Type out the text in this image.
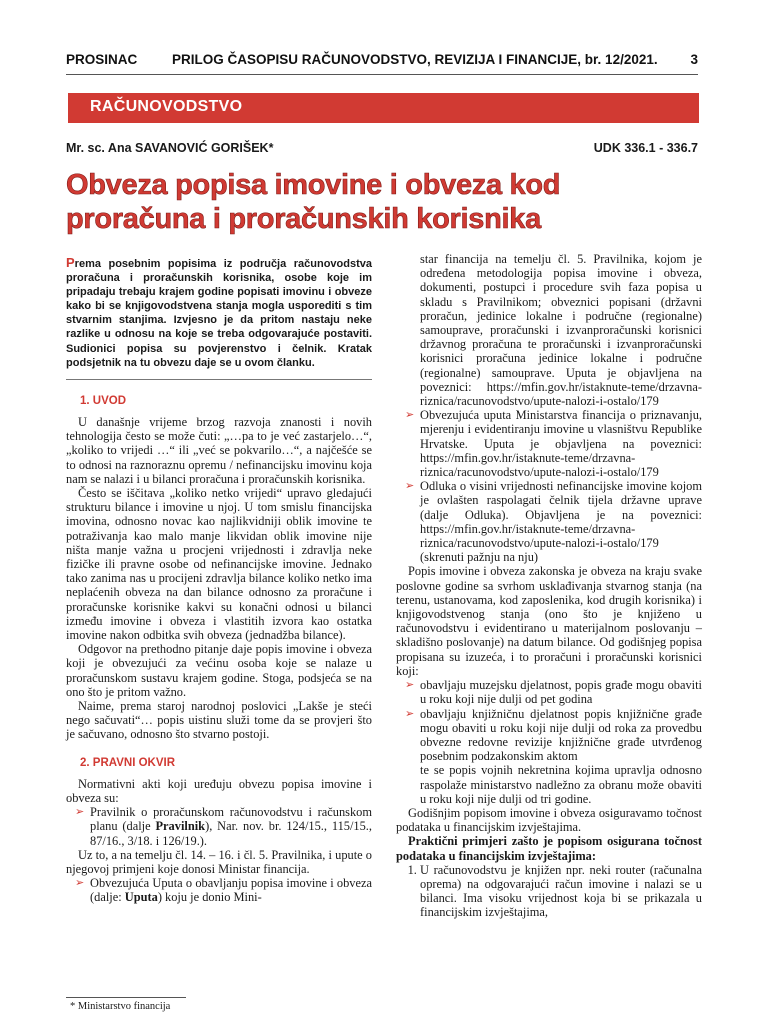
PROSINAC	PRILOG ČASOPISU RAČUNOVODSTVO, REVIZIJA I FINANCIJE, br. 12/2021. 3
RAČUNOVODSTVO
Mr. sc. Ana SAVANOVIĆ GORIŠEK*	UDK 336.1 - 336.7
Obveza popisa imovine i obveza kod proračuna i proračunskih korisnika

Prema posebnim popisima iz područja računovodstva proračuna i proračunskih korisnika, osobe koje im pripadaju trebaju krajem godine popisati imovinu i obveze kako bi se knjigovodstvena stanja mogla usporediti s tim stvarnim stanjima. Izvjesno je da pritom nastaju neke razlike u odnosu na koje se treba odgovarajuće postaviti. Sudionici popisa su povjerenstvo i čelnik. Kratak podsjetnik na tu obvezu daje se u ovom članku.

1. UVOD

U današnje vrijeme brzog razvoja znanosti i novih tehnologija često se može čuti: „…pa to je već zastarjelo…“, „koliko to vrijedi …“ ili „već se pokvarilo…“, a najčešće se to odnosi na raznoraznu opremu / nefinancijsku imovinu koja nam se nalazi i u bilanci proračuna i proračunskih korisnika.

Često se iščitava „koliko netko vrijedi“ upravo gledajući strukturu bilance i imovine u njoj. U tom smislu financijska imovina, odnosno novac kao najlikvidniji oblik imovine te potraživanja kao malo manje likvidan oblik imovine nije ništa manje važna u procjeni vrijednosti i zdravlja neke fizičke ili pravne osobe od nefinancijske imovine. Jednako tako zanima nas u procijeni zdravlja bilance koliko netko ima neplaćenih obveza na dan bilance odnosno za proračune i proračunske korisnike kakvi su konačni odnosi u bilanci između imovine i obveza i vlastitih izvora kao ostatka imovine nakon odbitka svih obveza (jednadžba bilance).

Odgovor na prethodno pitanje daje popis imovine i obveza koji je obvezujući za većinu osoba koje se nalaze u proračunskom sustavu krajem godine. Stoga, podsjeća se na ono što je pritom važno.

Naime, prema staroj narodnoj poslovici „Lakše je steći nego sačuvati“… popis uistinu služi tome da se provjeri što je sačuvano, odnosno što stvarno postoji.

2. PRAVNI OKVIR

Normativni akti koji uređuju obvezu popisa imovine i obveza su:

➢ Pravilnik o proračunskom računovodstvu i računskom planu (dalje Pravilnik), Nar. nov. br. 124/15., 115/15., 87/16., 3/18. i 126/19.).

Uz to, a na temelju čl. 14. – 16. i čl. 5. Pravilnika, i upute o njegovoj primjeni koje donosi Ministar financija.

➢ Obvezujuća Uputa o obavljanju popisa imovine i obveza (dalje: Uputa) koju je donio Mini-
star financija na temelju čl. 5. Pravilnika, kojom je određena metodologija popisa imovine i obveza, dokumenti, postupci i procedure svih faza popisa u skladu s Pravilnikom; obveznici popisani (državni proračun, jedinice lokalne i područne (regionalne) samouprave, proračunski i izvanproračunski korisnici državnog proračuna te proračunski i izvanproračunski korisnici proračuna jedinice lokalne i područne (regionalne) samouprave. Uputa je objavljena na poveznici: https://mfin.gov.hr/istaknute-teme/drzavna-riznica/racunovodstvo/upute-nalozi-i-ostalo/179
➢ Obvezujuća uputa Ministarstva financija o priznavanju, mjerenju i evidentiranju imovine u vlasništvu Republike Hrvatske. Uputa je objavljena na poveznici: https://mfin.gov.hr/istaknute-teme/drzavna-riznica/racunovodstvo/upute-nalozi-i-ostalo/179
➢ Odluka o visini vrijednosti nefinancijske imovine kojom je ovlašten raspolagati čelnik tijela državne uprave (dalje Odluka). Objavljena je na poveznici: https://mfin.gov.hr/istaknute-teme/drzavna-riznica/racunovodstvo/upute-nalozi-i-ostalo/179 (skrenuti pažnju na nju)

Popis imovine i obveza zakonska je obveza na kraju svake poslovne godine sa svrhom usklađivanja stvarnog stanja (na terenu, ustanovama, kod zaposlenika, kod drugih korisnika) i knjigovodstvenog stanja (ono što je knjiženo u računovodstvu i evidentirano u materijalnom poslovanju – skladišno poslovanje) na datum bilance. Od godišnjeg popisa propisana su izuzeća, i to proračuni i proračunski korisnici koji:

➢ obavljaju muzejsku djelatnost, popis građe mogu obaviti u roku koji nije dulji od pet godina
➢ obavljaju knjižničnu djelatnost popis knjižnične građe mogu obaviti u roku koji nije dulji od roka za provedbu obvezne redovne revizije knjižnične građe utvrđenog posebnim podzakonskim aktom

te se popis vojnih nekretnina kojima upravlja odnosno raspolaže ministarstvo nadležno za obranu može obaviti u roku koji nije dulji od tri godine.

Godišnjim popisom imovine i obveza osiguravamo točnost podataka u financijskim izvještajima.

Praktični primjeri zašto je popisom osigurana točnost podataka u financijskim izvještajima:

1. U računovodstvu je knjižen npr. neki router (računalna oprema) na odgovarajući račun imovine i nalazi se u bilanci. Ima visoku vrijednost koja bi se prikazala u financijskim izvještajima,
* Ministarstvo financija
